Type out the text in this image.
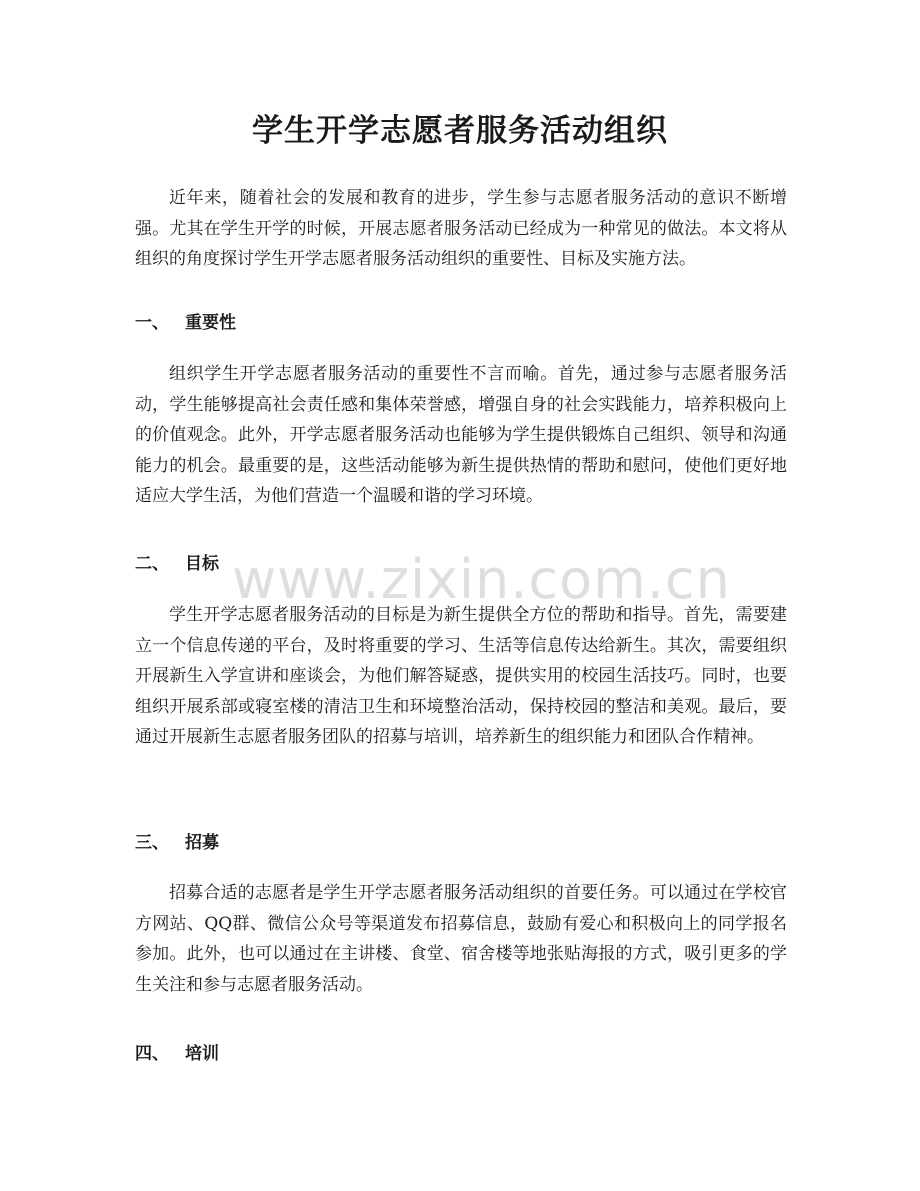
学生开学志愿者服务活动组织

近年来，随着社会的发展和教育的进步，学生参与志愿者服务活动的意识不断增强。尤其在学生开学的时候，开展志愿者服务活动已经成为一种常见的做法。本文将从组织的角度探讨学生开学志愿者服务活动组织的重要性、目标及实施方法。

一、 重要性

组织学生开学志愿者服务活动的重要性不言而喻。首先，通过参与志愿者服务活动，学生能够提高社会责任感和集体荣誉感，增强自身的社会实践能力，培养积极向上的价值观念。此外，开学志愿者服务活动也能够为学生提供锻炼自己组织、领导和沟通能力的机会。最重要的是，这些活动能够为新生提供热情的帮助和慰问，使他们更好地适应大学生活，为他们营造一个温暖和谐的学习环境。

二、 目标

学生开学志愿者服务活动的目标是为新生提供全方位的帮助和指导。首先，需要建立一个信息传递的平台，及时将重要的学习、生活等信息传达给新生。其次，需要组织开展新生入学宣讲和座谈会，为他们解答疑惑，提供实用的校园生活技巧。同时，也要组织开展系部或寝室楼的清洁卫生和环境整治活动，保持校园的整洁和美观。最后，要通过开展新生志愿者服务团队的招募与培训，培养新生的组织能力和团队合作精神。

三、 招募

招募合适的志愿者是学生开学志愿者服务活动组织的首要任务。可以通过在学校官方网站、QQ群、微信公众号等渠道发布招募信息，鼓励有爱心和积极向上的同学报名参加。此外，也可以通过在主讲楼、食堂、宿舍楼等地张贴海报的方式，吸引更多的学生关注和参与志愿者服务活动。

四、 培训
www.zixin.com.cn
